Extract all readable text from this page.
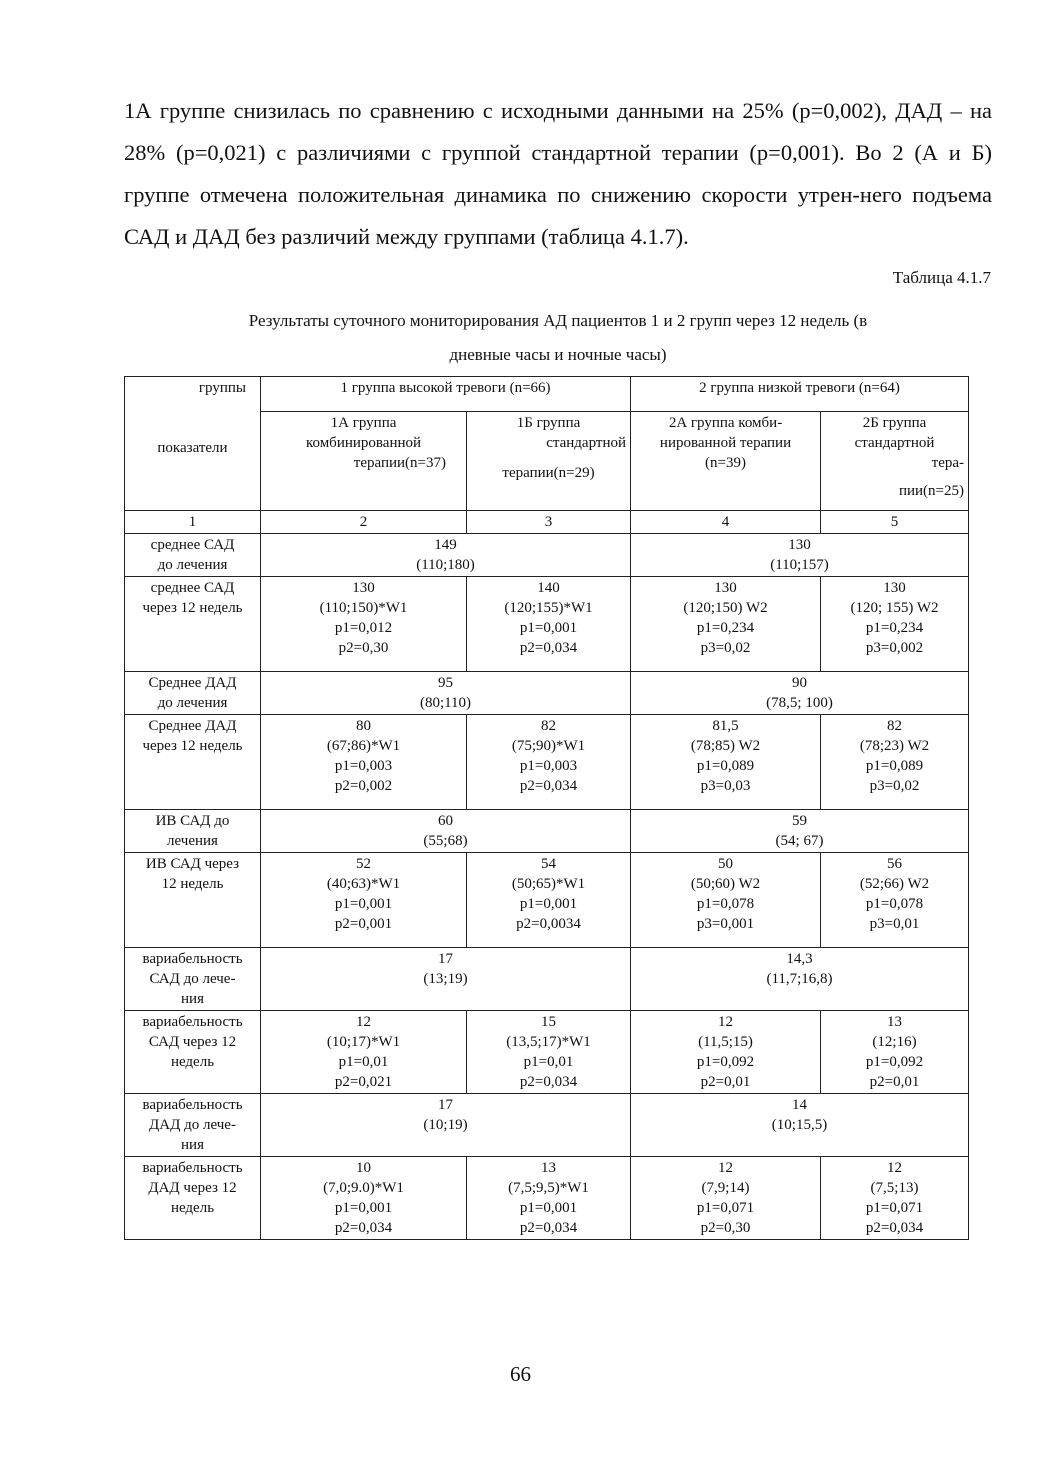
1А группе снизилась по сравнению с исходными данными на 25% (р=0,002), ДАД – на 28% (р=0,021) с различиями с группой стандартной терапии (р=0,001). Во 2 (А и Б) группе отмечена положительная динамика по снижению скорости утрен-него подъема САД и ДАД без различий между группами (таблица 4.1.7).
Таблица 4.1.7
Результаты суточного мониторирования АД пациентов 1 и 2 групп через 12 недель (в
дневные часы и ночные часы)
группы
показатели	1 группа высокой тревоги (n=66)		2 группа низкой тревоги (n=64)	

	1А группа
комбинированной
терапии(n=37)	1Б группа
стандартной
терапии(n=29)	2А группа комби-
нированной терапии
(n=39)	2Б группа
стандартной
тера-
пии(n=25)

1	2	3	4	5

среднее САД
до лечения	149
(110;180)		130
(110;157)	

среднее САД
через 12 недель	130
(110;150)*W1
p1=0,012
p2=0,30	140
(120;155)*W1
p1=0,001
p2=0,034	130
(120;150) W2
p1=0,234
p3=0,02	130
(120; 155) W2
p1=0,234
p3=0,002

Среднее ДАД
до лечения	95
(80;110)		90
(78,5; 100)	

Среднее ДАД
через 12 недель	80
(67;86)*W1
p1=0,003
p2=0,002	82
(75;90)*W1
p1=0,003
p2=0,034	81,5
(78;85) W2
p1=0,089
p3=0,03	82
(78;23) W2
p1=0,089
p3=0,02

ИВ САД до
лечения	60
(55;68)		59
(54; 67)	

ИВ САД через
12 недель	52
(40;63)*W1
p1=0,001
p2=0,001	54
(50;65)*W1
p1=0,001
p2=0,0034	50
(50;60) W2
p1=0,078
p3=0,001	56
(52;66) W2
p1=0,078
p3=0,01

вариабельность
САД до лече-
ния	17
(13;19)		14,3
(11,7;16,8)	

вариабельность
САД через 12
недель	12
(10;17)*W1
p1=0,01
p2=0,021	15
(13,5;17)*W1
p1=0,01
p2=0,034	12
(11,5;15)
p1=0,092
p2=0,01	13
(12;16)
p1=0,092
p2=0,01

вариабельность
ДАД до лече-
ния	17
(10;19)		14
(10;15,5)	

вариабельность
ДАД через 12
недель	10
(7,0;9.0)*W1
p1=0,001
p2=0,034	13
(7,5;9,5)*W1
p1=0,001
p2=0,034	12
(7,9;14)
p1=0,071
p2=0,30	12
(7,5;13)
p1=0,071
p2=0,034
66
